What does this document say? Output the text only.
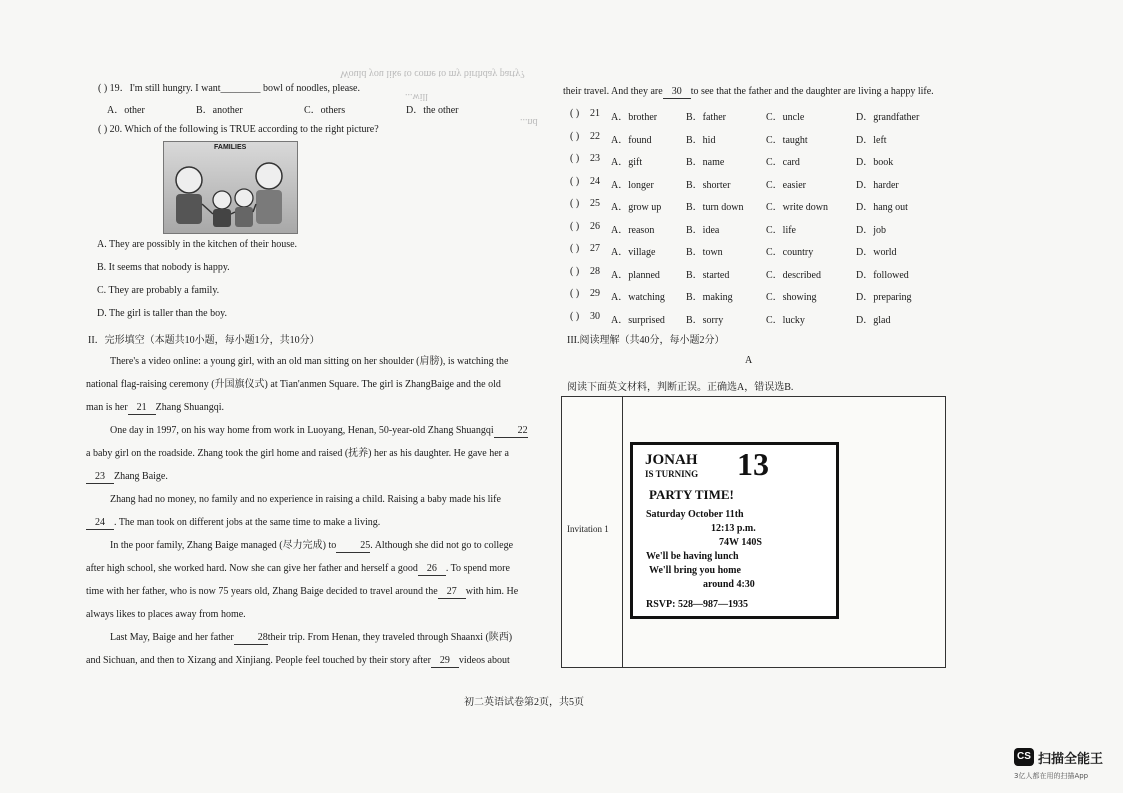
Would you like to come to my birthday party?
...will
...nd
( ) 19．I'm still hungry. I want________ bowl of noodles, please.
A．other	B．another	C．others	D．the other
( ) 20. Which of the following is TRUE according to the right picture?
FAMILIES
A. They are possibly in the kitchen of their house.
B. It seems that nobody is happy.
C. They are probably a family.
D. The girl is taller than the boy.
II．完形填空（本题共10小题，每小题1分，共10分）
There's a video online: a young girl, with an old man sitting on her shoulder (肩膀), is watching the
national flag-raising ceremony (升国旗仪式) at Tian'anmen Square. The girl is ZhangBaige and the old
man is her 21 Zhang Shuangqi.
One day in 1997, on his way home from work in Luoyang, Henan, 50-year-old Zhang Shuangqi 22
a baby girl on the roadside. Zhang took the girl home and raised (抚养) her as his daughter. He gave her a
23 Zhang Baige.
Zhang had no money, no family and no experience in raising a child. Raising a baby made his life
24 . The man took on different jobs at the same time to make a living.
In the poor family, Zhang Baige managed (尽力完成) to 25. Although she did not go to college
after high school, she worked hard. Now she can give her father and herself a good 26 . To spend more
time with her father, who is now 75 years old, Zhang Baige decided to travel around the 27 with him. He
always likes to places away from home.
Last May, Baige and her father 28their trip. From Henan, they traveled through Shaanxi (陕西)
and Sichuan, and then to Xizang and Xinjiang. People feel touched by their story after 29 videos about
their travel. And they are 30 to see that the father and the daughter are living a happy life.
( ) 21 A．brother	B．father	C．uncle	D．grandfather
( ) 22 A．found	B．hid	C．taught	D．left
( ) 23 A．gift	B．name	C．card	D．book
( ) 24 A．longer	B．shorter	C．easier	D．harder
( ) 25 A．grow up B．turn down C．write down	D．hang out
( ) 26 A．reason	B．idea	C．life	D．job
( ) 27 A．village	B．town	C．country	D．world
( ) 28 A．planned	B．started	C．described	D．followed
( ) 29 A．watching B．making	C．showing	D．preparing
( ) 30 A．surprised B．sorry	C．lucky	D．glad
III.阅读理解（共40分，每小题2分）
A
阅读下面英文材料，判断正误。正确选A，错误选B.
Invitation 1
JONAH
IS TURNING 13
PARTY TIME!
Saturday October 11th
12:13 p.m.
74W 140S
We'll be having lunch
We'll bring you home
around 4:30
RSVP: 528—987—1935
初二英语试卷第2页，共5页
CS 扫描全能王
3亿人都在用的扫描App
